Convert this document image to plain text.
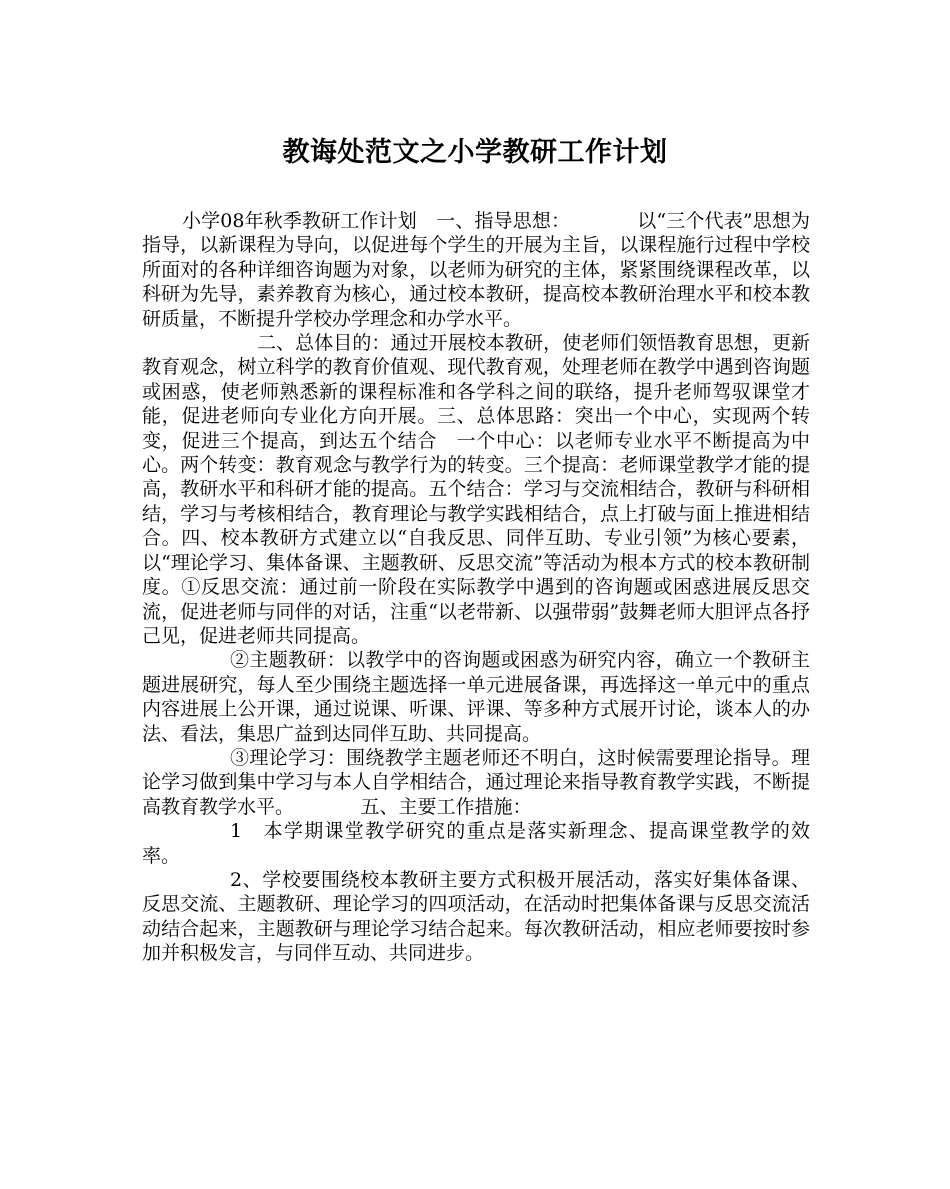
教诲处范文之小学教研工作计划

小学08年秋季教研工作计划　一、指导思想：　　　　以“三个代表”思想为指导，以新课程为导向，以促进每个学生的开展为主旨，以课程施行过程中学校所面对的各种详细咨询题为对象，以老师为研究的主体，紧紧围绕课程改革，以科研为先导，素养教育为核心，通过校本教研，提高校本教研治理水平和校本教研质量，不断提升学校办学理念和办学水平。

二、总体目的：通过开展校本教研，使老师们领悟教育思想，更新教育观念，树立科学的教育价值观、现代教育观，处理老师在教学中遇到咨询题或困惑，使老师熟悉新的课程标准和各学科之间的联络，提升老师驾驭课堂才能，促进老师向专业化方向开展。三、总体思路：突出一个中心，实现两个转变，促进三个提高，到达五个结合　一个中心：以老师专业水平不断提高为中心。两个转变：教育观念与教学行为的转变。三个提高：老师课堂教学才能的提高，教研水平和科研才能的提高。五个结合：学习与交流相结合，教研与科研相结，学习与考核相结合，教育理论与教学实践相结合，点上打破与面上推进相结合。四、校本教研方式建立以“自我反思、同伴互助、专业引领”为核心要素，以“理论学习、集体备课、主题教研、反思交流”等活动为根本方式的校本教研制度。①反思交流：通过前一阶段在实际教学中遇到的咨询题或困惑进展反思交流，促进老师与同伴的对话，注重“以老带新、以强带弱”鼓舞老师大胆评点各抒己见，促进老师共同提高。

②主题教研：以教学中的咨询题或困惑为研究内容，确立一个教研主题进展研究，每人至少围绕主题选择一单元进展备课，再选择这一单元中的重点内容进展上公开课，通过说课、听课、评课、等多种方式展开讨论，谈本人的办法、看法，集思广益到达同伴互助、共同提高。

③理论学习：围绕教学主题老师还不明白，这时候需要理论指导。理论学习做到集中学习与本人自学相结合，通过理论来指导教育教学实践，不断提高教育教学水平。　　　　五、主要工作措施：

1　本学期课堂教学研究的重点是落实新理念、提高课堂教学的效率。

2、学校要围绕校本教研主要方式积极开展活动，落实好集体备课、反思交流、主题教研、理论学习的四项活动，在活动时把集体备课与反思交流活动结合起来，主题教研与理论学习结合起来。每次教研活动，相应老师要按时参加并积极发言，与同伴互动、共同进步。
